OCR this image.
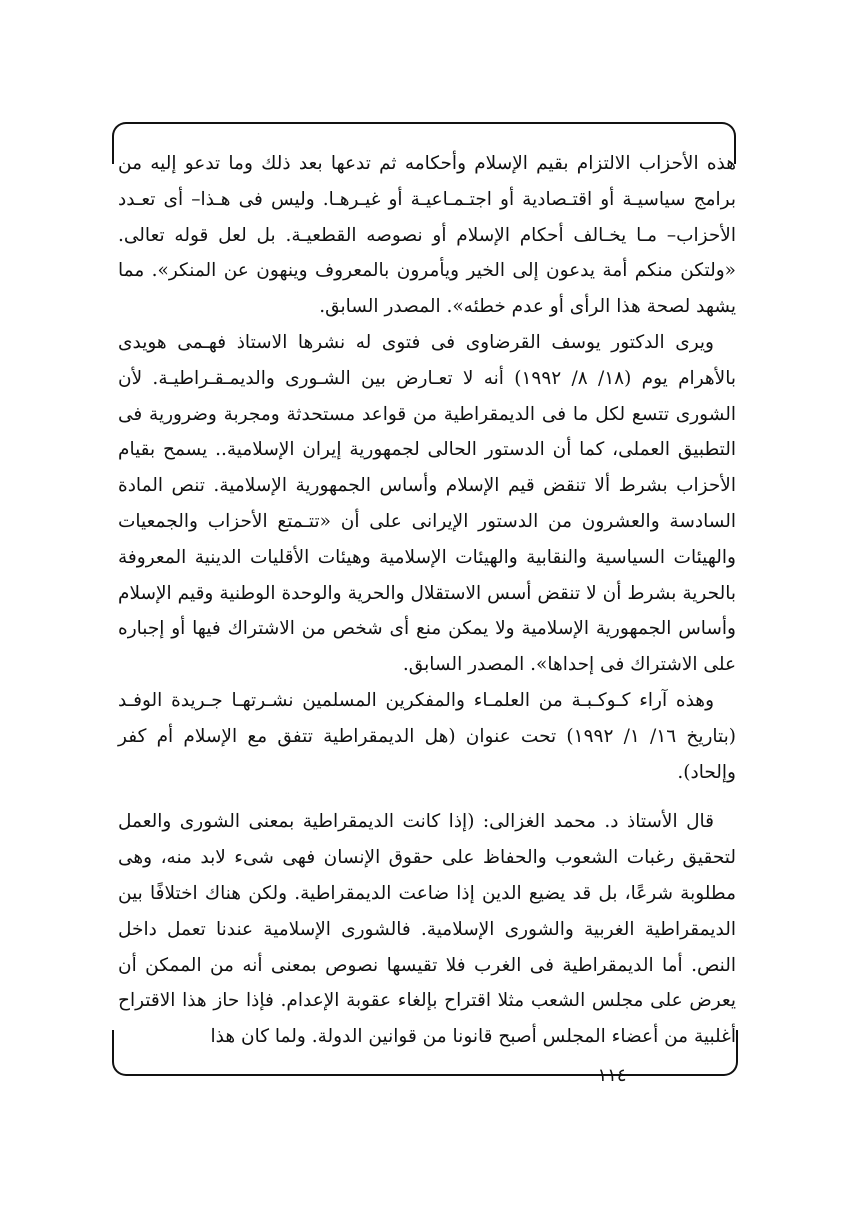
هذه الأحزاب الالتزام بقيم الإسلام وأحكامه ثم تدعها بعد ذلك وما تدعو إليه من برامج سياسيـة أو اقتـصادية أو اجتـمـاعيـة أو غيـرهـا. وليس فى هـذا– أى تعـدد الأحزاب– مـا يخـالف أحكام الإسلام أو نصوصه القطعيـة. بل لعل قوله تعالى. «ولتكن منكم أمة يدعون إلى الخير ويأمرون بالمعروف وينهون عن المنكر». مما يشهد لصحة هذا الرأى أو عدم خطئه». المصدر السابق.

ويرى الدكتور يوسف القرضاوى فى فتوى له نشرها الاستاذ فهـمى هويدى بالأهرام يوم (١٨/ ٨/ ١٩٩٢) أنه لا تعـارض بين الشـورى والديمـقـراطيـة. لأن الشورى تتسع لكل ما فى الديمقراطية من قواعد مستحدثة ومجربة وضرورية فى التطبيق العملى، كما أن الدستور الحالى لجمهورية إيران الإسلامية.. يسمح بقيام الأحزاب بشرط ألا تنقض قيم الإسلام وأساس الجمهورية الإسلامية. تنص المادة السادسة والعشرون من الدستور الإيرانى على أن «تتـمتع الأحزاب والجمعيات والهيئات السياسية والنقابية والهيئات الإسلامية وهيئات الأقليات الدينية المعروفة بالحرية بشرط أن لا تنقض أسس الاستقلال والحرية والوحدة الوطنية وقيم الإسلام وأساس الجمهورية الإسلامية ولا يمكن منع أى شخص من الاشتراك فيها أو إجباره على الاشتراك فى إحداها». المصدر السابق.

وهذه آراء كـوكـبـة من العلمـاء والمفكرين المسلمين نشـرتهـا جـريدة الوفـد (بتاريخ ١٦/ ١/ ١٩٩٢) تحت عنوان (هل الديمقراطية تتفق مع الإسلام أم كفر وإلحاد).

قال الأستاذ د. محمد الغزالى: (إذا كانت الديمقراطية بمعنى الشورى والعمل لتحقيق رغبات الشعوب والحفاظ على حقوق الإنسان فهى شىء لابد منه، وهى مطلوبة شرعًا، بل قد يضيع الدين إذا ضاعت الديمقراطية. ولكن هناك اختلافًا بين الديمقراطية الغربية والشورى الإسلامية. فالشورى الإسلامية عندنا تعمل داخل النص. أما الديمقراطية فى الغرب فلا تقيسها نصوص بمعنى أنه من الممكن أن يعرض على مجلس الشعب مثلا اقتراح بإلغاء عقوبة الإعدام. فإذا حاز هذا الاقتراح أغلبية من أعضاء المجلس أصبح قانونا من قوانين الدولة. ولما كان هذا

١١٤
